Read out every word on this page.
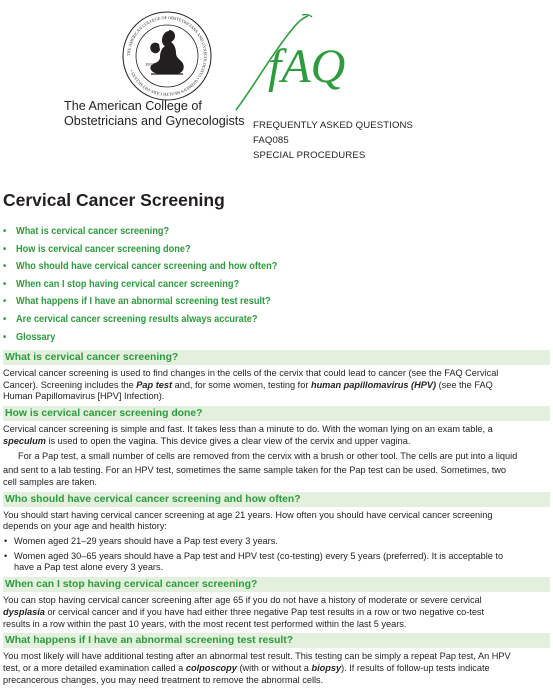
THE AMERICAN COLLEGE OF OBSTETRICIANS AND GYNECOLOGISTS • WOMEN'S HEALTH CARE PHYSICIANS •
1951
The American College of
Obstetricians and Gynecologists
fAQ
FREQUENTLY ASKED QUESTIONS
FAQ085
SPECIAL PROCEDURES
Cervical Cancer Screening
• What is cervical cancer screening?
• How is cervical cancer screening done?
• Who should have cervical cancer screening and how often?
• When can I stop having cervical cancer screening?
• What happens if I have an abnormal screening test result?
• Are cervical cancer screening results always accurate?
• Glossary
What is cervical cancer screening?
Cervical cancer screening is used to find changes in the cells of the cervix that could lead to cancer (see the FAQ Cervical
Cancer). Screening includes the Pap test and, for some women, testing for human papillomavirus (HPV) (see the FAQ
Human Papillomavirus [HPV] Infection).
How is cervical cancer screening done?
Cervical cancer screening is simple and fast. It takes less than a minute to do. With the woman lying on an exam table, a
speculum is used to open the vagina. This device gives a clear view of the cervix and upper vagina.
For a Pap test, a small number of cells are removed from the cervix with a brush or other tool. The cells are put into a liquid
and sent to a lab testing. For an HPV test, sometimes the same sample taken for the Pap test can be used. Sometimes, two
cell samples are taken.
Who should have cervical cancer screening and how often?
You should start having cervical cancer screening at age 21 years. How often you should have cervical cancer screening
depends on your age and health history:
• Women aged 21–29 years should have a Pap test every 3 years.
• Women aged 30–65 years should have a Pap test and HPV test (co-testing) every 5 years (preferred). It is acceptable to
have a Pap test alone every 3 years.
When can I stop having cervical cancer screening?
You can stop having cervical cancer screening after age 65 if you do not have a history of moderate or severe cervical
dysplasia or cervical cancer and if you have had either three negative Pap test results in a row or two negative co-test
results in a row within the past 10 years, with the most recent test performed within the last 5 years.
What happens if I have an abnormal screening test result?
You most likely will have additional testing after an abnormal test result. This testing can be simply a repeat Pap test, An HPV
test, or a more detailed examination called a colposcopy (with or without a biopsy). If results of follow-up tests indicate
precancerous changes, you may need treatment to remove the abnormal cells.
